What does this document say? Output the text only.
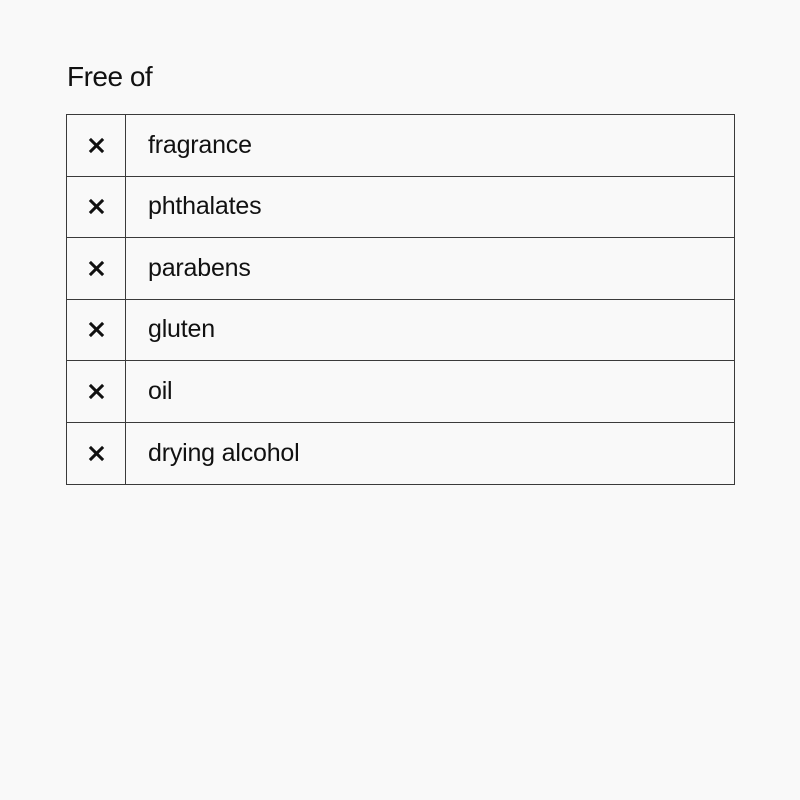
Free of
fragrance
phthalates
parabens
gluten
oil
drying alcohol
